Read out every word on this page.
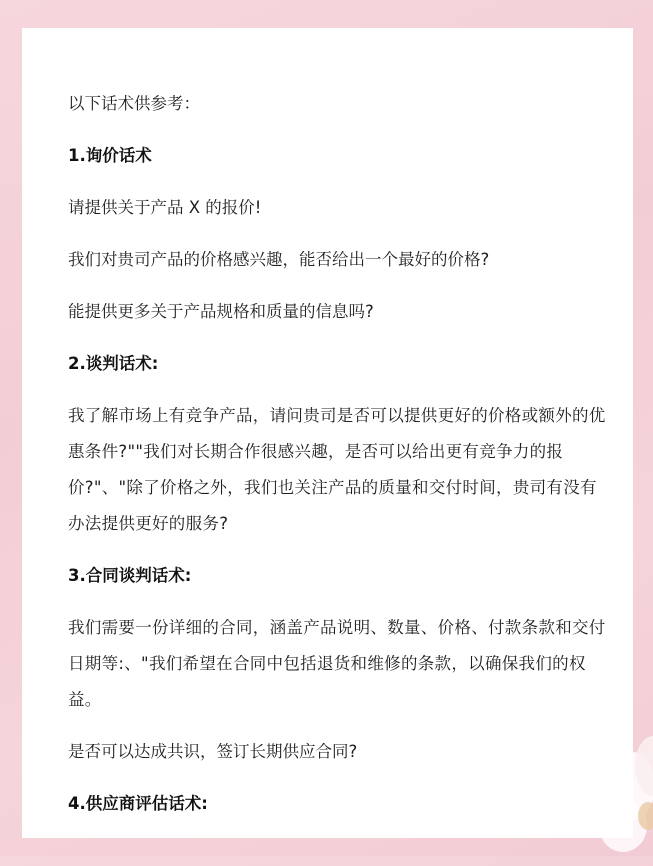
以下话术供参考：

1.询价话术

请提供关于产品 X 的报价!

我们对贵司产品的价格感兴趣，能否给出一个最好的价格?

能提供更多关于产品规格和质量的信息吗?

2.谈判话术:

我了解市场上有竞争产品，请问贵司是否可以提供更好的价格或额外的优惠条件?""我们对长期合作很感兴趣，是否可以给出更有竞争力的报价?"、"除了价格之外，我们也关注产品的质量和交付时间，贵司有没有办法提供更好的服务?

3.合同谈判话术:

我们需要一份详细的合同，涵盖产品说明、数量、价格、付款条款和交付日期等:、"我们希望在合同中包括退货和维修的条款，以确保我们的权益。

是否可以达成共识，签订长期供应合同?

4.供应商评估话术:
